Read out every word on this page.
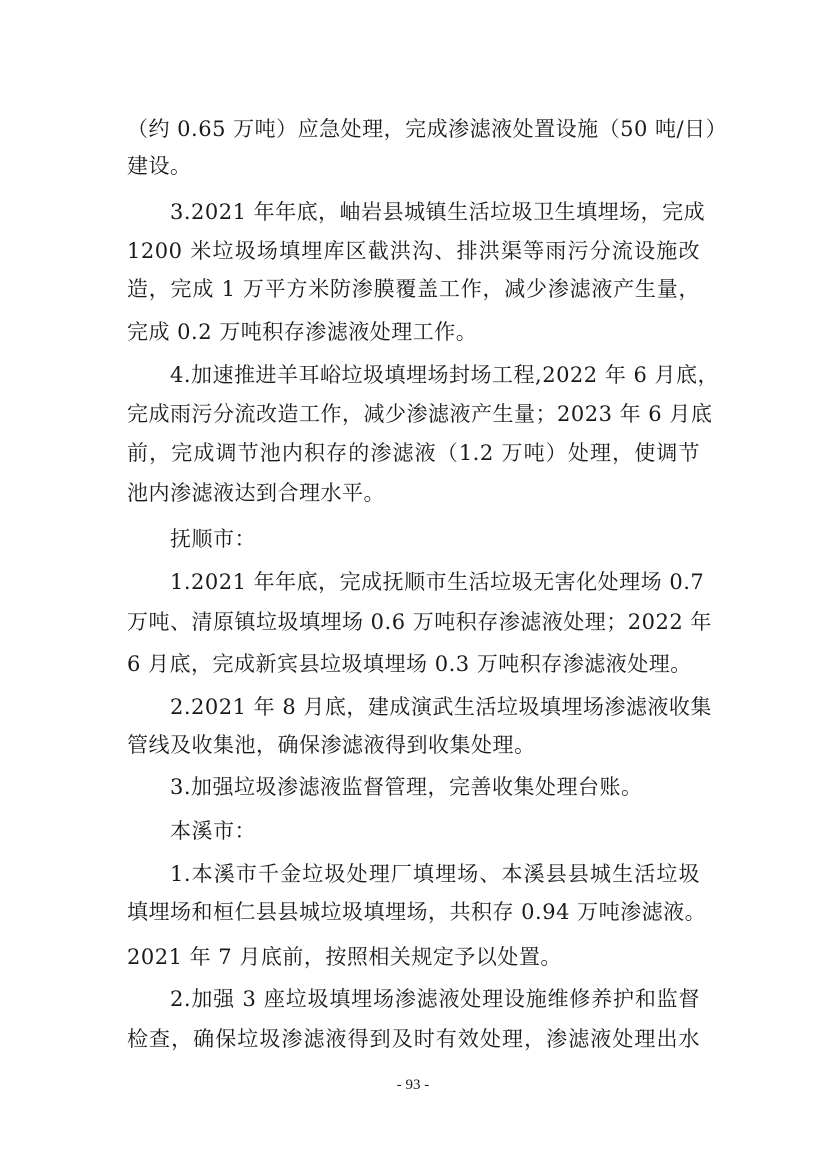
（约 0.65 万吨）应急处理，完成渗滤液处置设施（50 吨/日）
建设。
3.2021 年年底，岫岩县城镇生活垃圾卫生填埋场，完成
1200 米垃圾场填埋库区截洪沟、排洪渠等雨污分流设施改
造，完成 1 万平方米防渗膜覆盖工作，减少渗滤液产生量，
完成 0.2 万吨积存渗滤液处理工作。
4.加速推进羊耳峪垃圾填埋场封场工程,2022 年 6 月底，
完成雨污分流改造工作，减少渗滤液产生量；2023 年 6 月底
前，完成调节池内积存的渗滤液（1.2 万吨）处理，使调节
池内渗滤液达到合理水平。
抚顺市：
1.2021 年年底，完成抚顺市生活垃圾无害化处理场 0.7
万吨、清原镇垃圾填埋场 0.6 万吨积存渗滤液处理；2022 年
6 月底，完成新宾县垃圾填埋场 0.3 万吨积存渗滤液处理。
2.2021 年 8 月底，建成演武生活垃圾填埋场渗滤液收集
管线及收集池，确保渗滤液得到收集处理。
3.加强垃圾渗滤液监督管理，完善收集处理台账。
本溪市：
1.本溪市千金垃圾处理厂填埋场、本溪县县城生活垃圾
填埋场和桓仁县县城垃圾填埋场，共积存 0.94 万吨渗滤液。
2021 年 7 月底前，按照相关规定予以处置。
2.加强 3 座垃圾填埋场渗滤液处理设施维修养护和监督
检查，确保垃圾渗滤液得到及时有效处理，渗滤液处理出水
- 93 -
